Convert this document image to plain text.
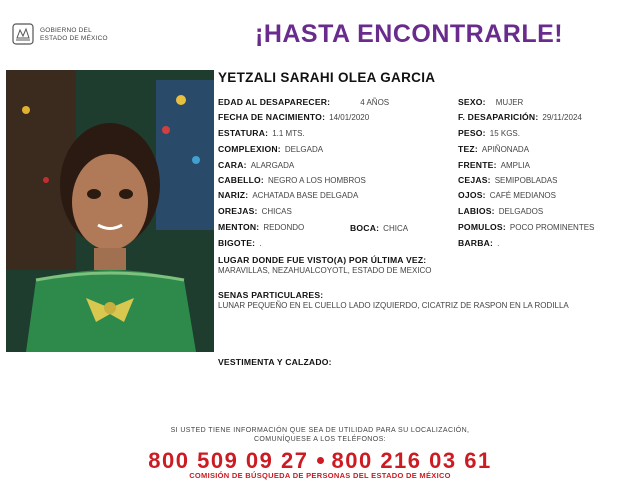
GOBIERNO DEL
ESTADO DE MÉXICO	¡HASTA ENCONTRARLE!
YETZALI SARAHI OLEA GARCIA
EDAD AL DESAPARECER:	4 AÑOS
FECHA DE NACIMIENTO: 14/01/2020
ESTATURA: 1.1 MTS.
COMPLEXION: DELGADA
CARA: ALARGADA
CABELLO: NEGRO A LOS HOMBROS
NARIZ: ACHATADA BASE DELGADA
OREJAS: CHICAS
MENTON: REDONDO	BOCA: CHICA
BIGOTE: .
SEXO: MUJER
F. DESAPARICIÓN: 29/11/2024
PESO: 15 KGS.
TEZ: APIÑONADA
FRENTE: AMPLIA
CEJAS: SEMIPOBLADAS
OJOS: CAFÉ MEDIANOS
LABIOS: DELGADOS
POMULOS: POCO PROMINENTES
BARBA: .
LUGAR DONDE FUE VISTO(A) POR ÚLTIMA VEZ:
MARAVILLAS, NEZAHUALCOYOTL, ESTADO DE MEXICO
SENAS PARTICULARES:
LUNAR PEQUEÑO EN EL CUELLO LADO IZQUIERDO, CICATRIZ DE RASPON EN LA RODILLA
VESTIMENTA Y CALZADO:
SI USTED TIENE INFORMACIÓN QUE SEA DE UTILIDAD PARA SU LOCALIZACIÓN,
COMUNÍQUESE A LOS TELÉFONOS:
800 509 09 27 800 216 03 61
COMISIÓN DE BÚSQUEDA DE PERSONAS DEL ESTADO DE MÉXICO
